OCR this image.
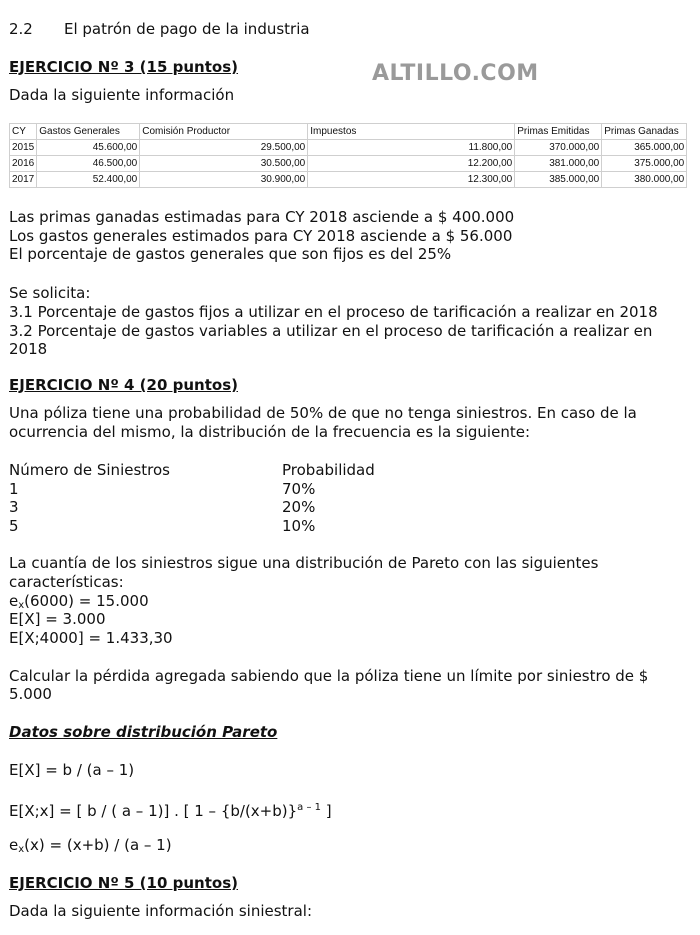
2.2 El patrón de pago de la industria
ALTILLO.COM
EJERCICIO Nº 3 (15 puntos)
Dada la siguiente información
CY	Gastos Generales	Comisión Productor	Impuestos	Primas Emitidas	Primas Ganadas
2015	45.600,00	29.500,00	11.800,00	370.000,00	365.000,00
2016	46.500,00	30.500,00	12.200,00	381.000,00	375.000,00
2017	52.400,00	30.900,00	12.300,00	385.000,00	380.000,00
Las primas ganadas estimadas para CY 2018 asciende a $ 400.000
Los gastos generales estimados para CY 2018 asciende a $ 56.000
El porcentaje de gastos generales que son fijos es del 25%
Se solicita:
3.1 Porcentaje de gastos fijos a utilizar en el proceso de tarificación a realizar en 2018
3.2 Porcentaje de gastos variables a utilizar en el proceso de tarificación a realizar en
2018
EJERCICIO Nº 4 (20 puntos)
Una póliza tiene una probabilidad de 50% de que no tenga siniestros. En caso de la
ocurrencia del mismo, la distribución de la frecuencia es la siguiente:
Número de Siniestros	Probabilidad
1	70%
3	20%
5	10%
La cuantía de los siniestros sigue una distribución de Pareto con las siguientes
características:
$e_x(6000) = 15.000$
E[X] = 3.000
E[X;4000] = 1.433,30
Calcular la pérdida agregada sabiendo que la póliza tiene un límite por siniestro de $
5.000
Datos sobre distribución Pareto
E[X] = b / (a – 1)
E[X;x] = [ b / ( a – 1)] . [ $1 - \{b/(x+b)\}^{a - 1}$ ]
$e_x(x) = (x+b) / (a - 1)$
EJERCICIO Nº 5 (10 puntos)
Dada la siguiente información siniestral:
